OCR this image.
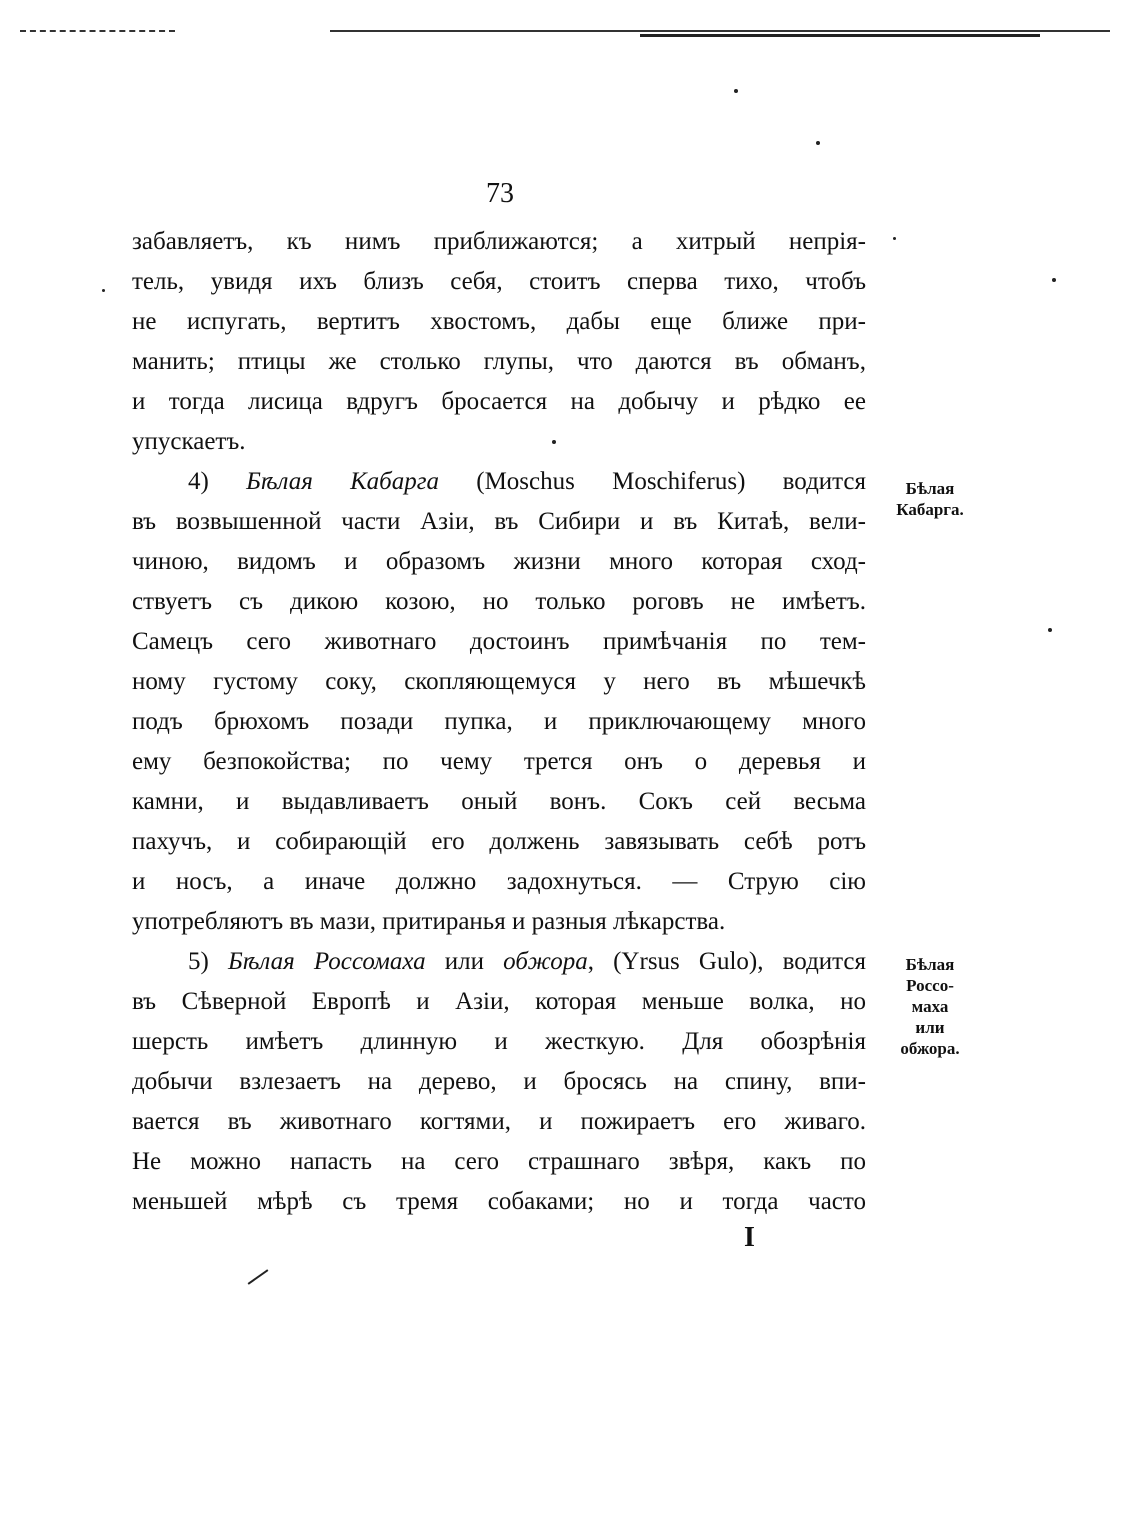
73
забавляетъ, къ нимъ приближаются; а хитрый непрія-
тель, увидя ихъ близъ себя, стоитъ сперва тихо, чтобъ
не испугать, вертитъ хвостомъ, дабы еще ближе при-
манить; птицы же столько глупы, что даются въ обманъ,
и тогда лисица вдругъ бросается на добычу и рѣдко ее
упускаетъ.
4) Бѣлая Кабарга (Moschus Moschiferus) водится
въ возвышенной части Азіи, въ Сибири и въ Китаѣ, вели-
чиною, видомъ и образомъ жизни много которая сход-
ствуетъ съ дикою козою, но только роговъ не имѣетъ.
Самецъ сего животнаго достоинъ примѣчанія по тем-
ному густому соку, скопляющемуся у него въ мѣшечкѣ
подъ брюхомъ позади пупка, и приключающему много
ему безпокойства; по чему трется онъ о деревья и
камни, и выдавливаетъ оный вонъ. Сокъ сей весьма
пахучъ, и собирающій его должень завязывать себѣ ротъ
и носъ, а иначе должно задохнуться. — Струю сію
употребляютъ въ мази, притиранья и разныя лѣкарства.
5) Бѣлая Россомаха или обжора, (Yrsus Gulo), водится
въ Сѣверной Европѣ и Азіи, которая меньше волка, но
шерсть имѣетъ длинную и жесткую. Для обозрѣнія
добычи взлезаетъ на дерево, и бросясь на спину, впи-
вается въ животнаго когтями, и пожираетъ его живаго.
Не можно напасть на сего страшнаго звѣря, какъ по
меньшей мѣрѣ съ тремя собаками; но и тогда часто
Бѣлая
Кабарга.
Бѣлая
Россо-
маха
или
обжора.
I
